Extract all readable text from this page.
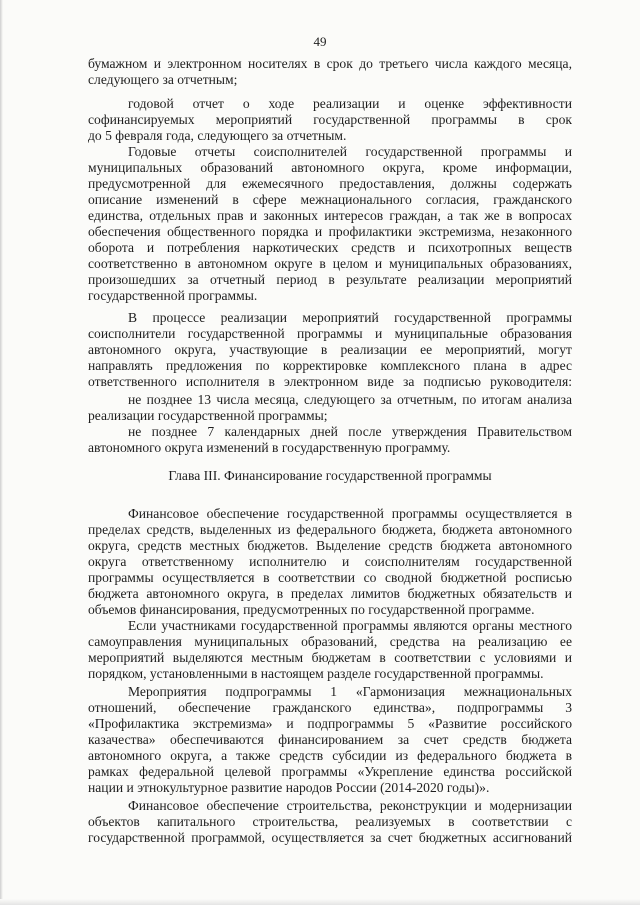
49
бумажном и электронном носителях в срок до третьего числа каждого месяца,
следующего за отчетным;
годовой отчет о ходе реализации и оценке эффективности
софинансируемых мероприятий государственной программы в срок
до 5 февраля года, следующего за отчетным.
Годовые отчеты соисполнителей государственной программы и
муниципальных образований автономного округа, кроме информации,
предусмотренной для ежемесячного предоставления, должны содержать
описание изменений в сфере межнационального согласия, гражданского
единства, отдельных прав и законных интересов граждан, а так же в вопросах
обеспечения общественного порядка и профилактики экстремизма, незаконного
оборота и потребления наркотических средств и психотропных веществ
соответственно в автономном округе в целом и муниципальных образованиях,
произошедших за отчетный период в результате реализации мероприятий
государственной программы.
В процессе реализации мероприятий государственной программы
соисполнители государственной программы и муниципальные образования
автономного округа, участвующие в реализации ее мероприятий, могут
направлять предложения по корректировке комплексного плана в адрес
ответственного исполнителя в электронном виде за подписью руководителя:
не позднее 13 числа месяца, следующего за отчетным, по итогам анализа
реализации государственной программы;
не позднее 7 календарных дней после утверждения Правительством
автономного округа изменений в государственную программу.
Глава III. Финансирование государственной программы
Финансовое обеспечение государственной программы осуществляется в
пределах средств, выделенных из федерального бюджета, бюджета автономного
округа, средств местных бюджетов. Выделение средств бюджета автономного
округа ответственному исполнителю и соисполнителям государственной
программы осуществляется в соответствии со сводной бюджетной росписью
бюджета автономного округа, в пределах лимитов бюджетных обязательств и
объемов финансирования, предусмотренных по государственной программе.
Если участниками государственной программы являются органы местного
самоуправления муниципальных образований, средства на реализацию ее
мероприятий выделяются местным бюджетам в соответствии с условиями и
порядком, установленными в настоящем разделе государственной программы.
Мероприятия подпрограммы 1 «Гармонизация межнациональных
отношений, обеспечение гражданского единства», подпрограммы 3
«Профилактика экстремизма» и подпрограммы 5 «Развитие российского
казачества» обеспечиваются финансированием за счет средств бюджета
автономного округа, а также средств субсидии из федерального бюджета в
рамках федеральной целевой программы «Укрепление единства российской
нации и этнокультурное развитие народов России (2014-2020 годы)».
Финансовое обеспечение строительства, реконструкции и модернизации
объектов капитального строительства, реализуемых в соответствии с
государственной программой, осуществляется за счет бюджетных ассигнований
